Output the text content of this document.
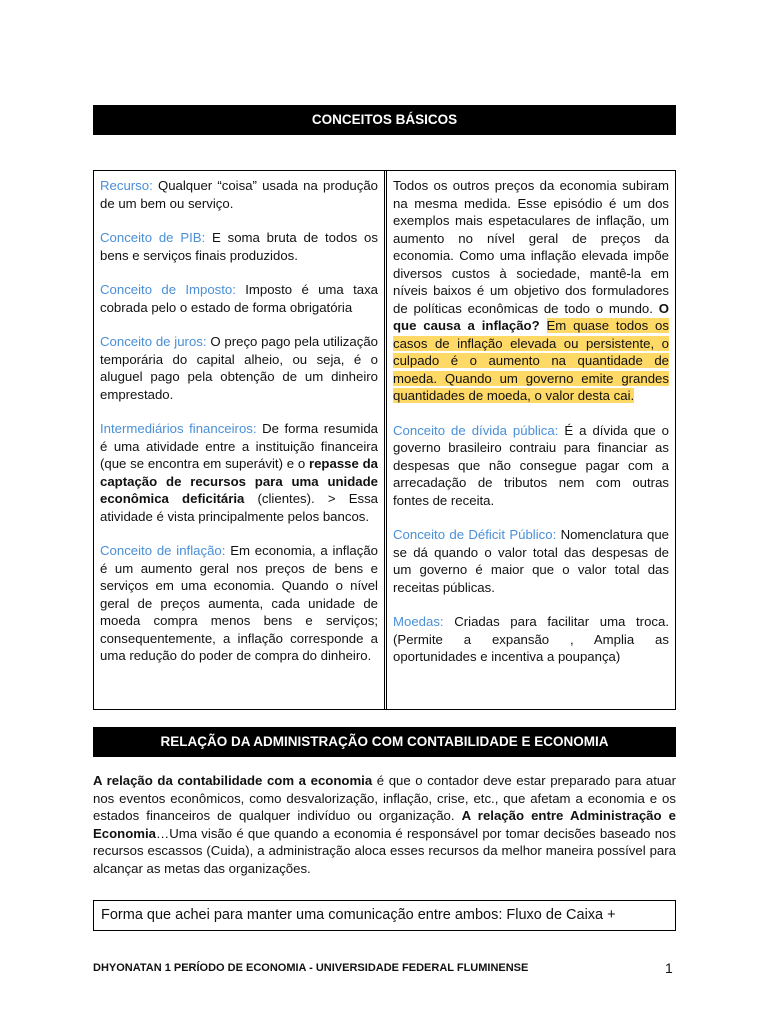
CONCEITOS BÁSICOS

Recurso: Qualquer “coisa” usada na produção de um bem ou serviço.

Conceito de PIB: E soma bruta de todos os bens e serviços finais produzidos.

Conceito de Imposto: Imposto é uma taxa cobrada pelo o estado de forma obrigatória

Conceito de juros: O preço pago pela utilização temporária do capital alheio, ou seja, é o aluguel pago pela obtenção de um dinheiro emprestado.

Intermediários financeiros: De forma resumida é uma atividade entre a instituição financeira (que se encontra em superávit) e o repasse da captação de recursos para uma unidade econômica deficitária (clientes). > Essa atividade é vista principalmente pelos bancos.

Conceito de inflação: Em economia, a inflação é um aumento geral nos preços de bens e serviços em uma economia. Quando o nível geral de preços aumenta, cada unidade de moeda compra menos bens e serviços; consequentemente, a inflação corresponde a uma redução do poder de compra do dinheiro.

Todos os outros preços da economia subiram na mesma medida. Esse episódio é um dos exemplos mais espetaculares de inflação, um aumento no nível geral de preços da economia. Como uma inflação elevada impõe diversos custos à sociedade, mantê-la em níveis baixos é um objetivo dos formuladores de políticas econômicas de todo o mundo. O que causa a inflação? Em quase todos os casos de inflação elevada ou persistente, o culpado é o aumento na quantidade de moeda. Quando um governo emite grandes quantidades de moeda, o valor desta cai.

Conceito de dívida pública: É a dívida que o governo brasileiro contraiu para financiar as despesas que não consegue pagar com a arrecadação de tributos nem com outras fontes de receita.

Conceito de Déficit Público: Nomenclatura que se dá quando o valor total das despesas de um governo é maior que o valor total das receitas públicas.

Moedas: Criadas para facilitar uma troca. (Permite a expansão , Amplia as oportunidades e incentiva a poupança)

RELAÇÃO DA ADMINISTRAÇÃO COM CONTABILIDADE E ECONOMIA

A relação da contabilidade com a economia é que o contador deve estar preparado para atuar nos eventos econômicos, como desvalorização, inflação, crise, etc., que afetam a economia e os estados financeiros de qualquer indivíduo ou organização. A relação entre Administração e Economia…Uma visão é que quando a economia é responsável por tomar decisões baseado nos recursos escassos (Cuida), a administração aloca esses recursos da melhor maneira possível para alcançar as metas das organizações.

Forma que achei para manter uma comunicação entre ambos: Fluxo de Caixa +
DHYONATAN 1 PERÍODO DE ECONOMIA - UNIVERSIDADE FEDERAL FLUMINENSE	1
